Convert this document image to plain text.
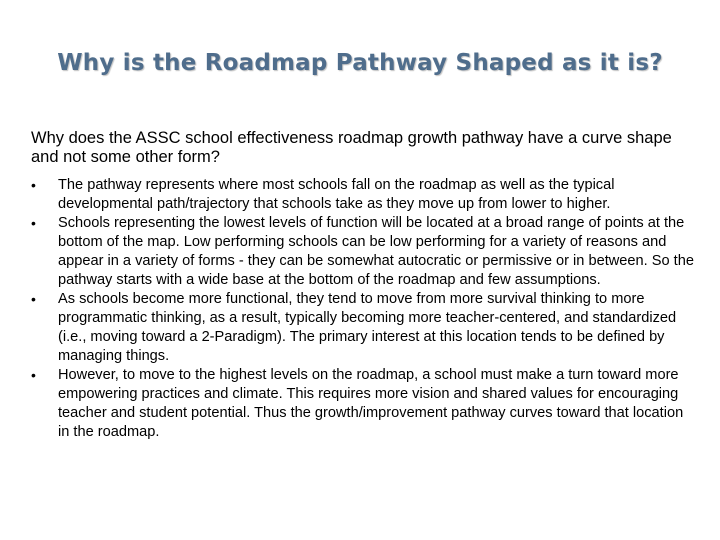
Why is the Roadmap Pathway Shaped as it is?
Why does the ASSC school effectiveness roadmap growth pathway have a curve shape and not some other form?
•	The pathway represents where most schools fall on the roadmap as well as the typical developmental path/trajectory that schools take as they move up from lower to higher.
•	Schools representing the lowest levels of function will be located at a broad range of points at the bottom of the map. Low performing schools can be low performing for a variety of reasons and appear in a variety of forms - they can be somewhat autocratic or permissive or in between. So the pathway starts with a wide base at the bottom of the roadmap and few assumptions.
•	As schools become more functional, they tend to move from more survival thinking to more programmatic thinking, as a result, typically becoming more teacher-centered, and standardized (i.e., moving toward a 2-Paradigm). The primary interest at this location tends to be defined by managing things.
•	However, to move to the highest levels on the roadmap, a school must make a turn toward more empowering practices and climate. This requires more vision and shared values for encouraging teacher and student potential. Thus the growth/improvement pathway curves toward that location in the roadmap.
